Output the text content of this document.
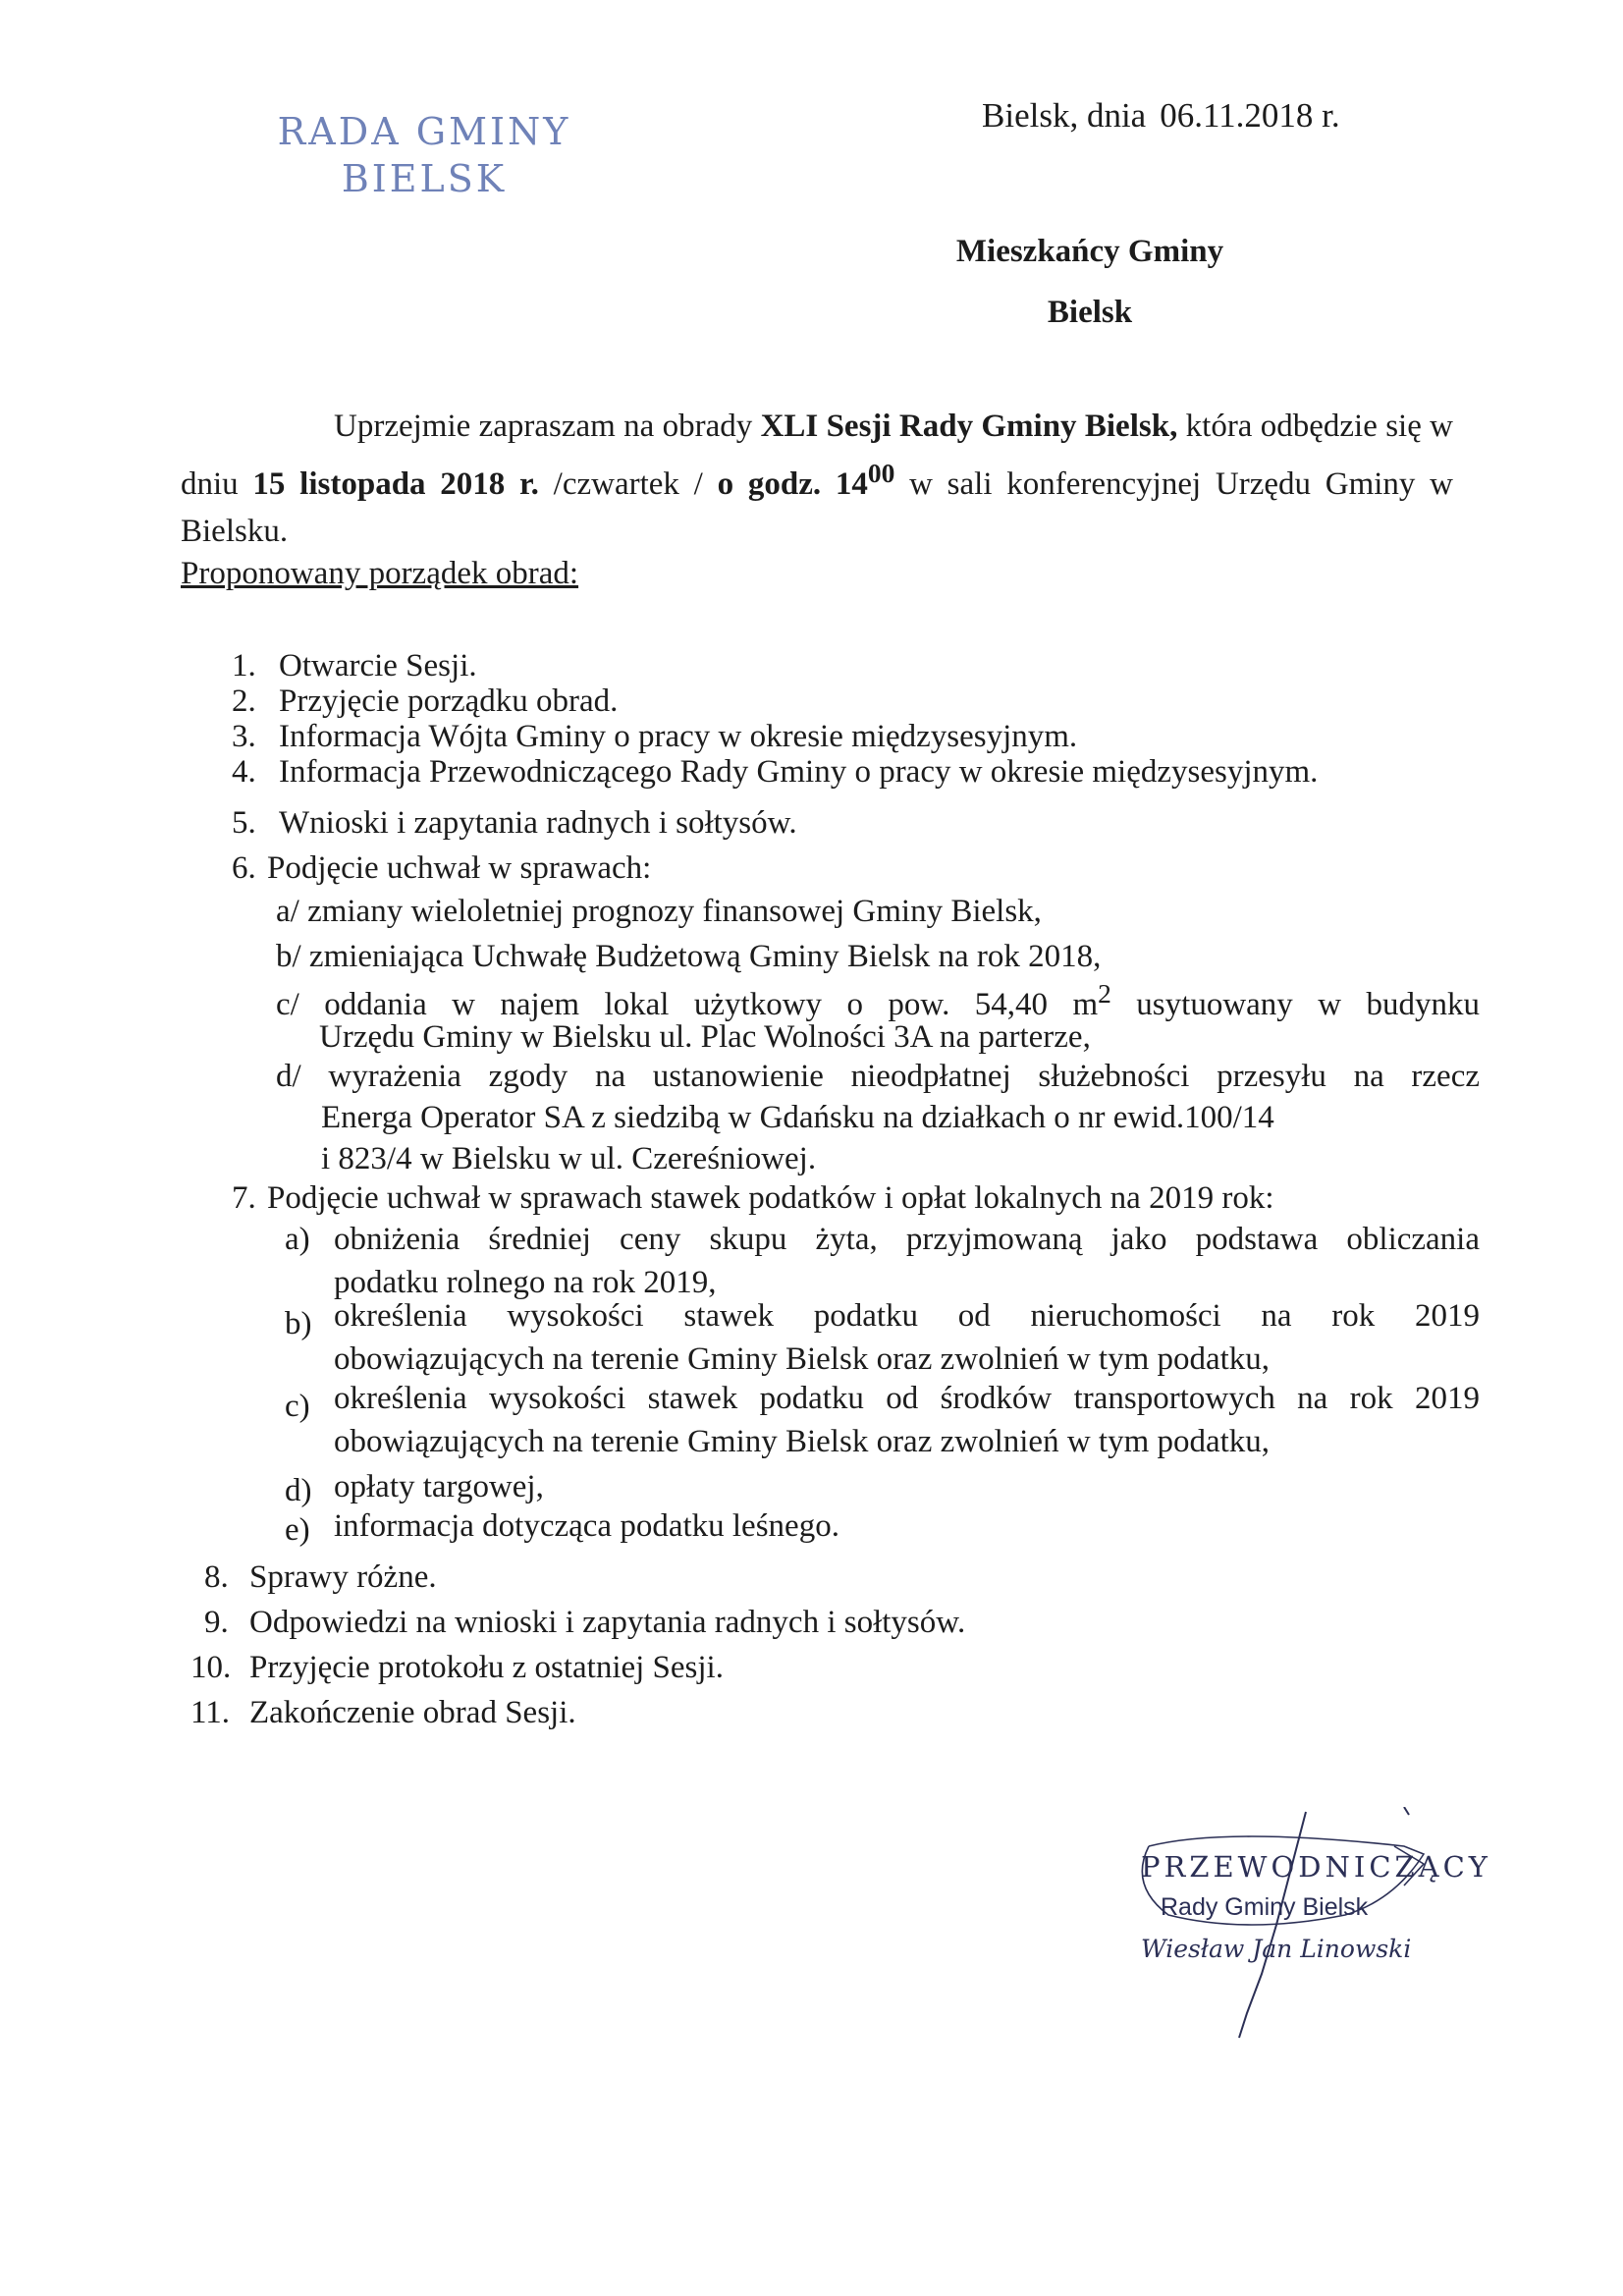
RADA GMINY
BIELSK
Bielsk, dnia 06.11.2018 r.
Mieszkańcy Gminy
Bielsk
Uprzejmie zapraszam na obrady XLI Sesji Rady Gminy Bielsk, która odbędzie się w dniu 15 listopada 2018 r. /czwartek / o godz. $14^{00}$ w sali konferencyjnej Urzędu Gminy w Bielsku.
Proponowany porządek obrad:
1. Otwarcie Sesji.
2. Przyjęcie porządku obrad.
3. Informacja Wójta Gminy o pracy w okresie międzysesyjnym.
4. Informacja Przewodniczącego Rady Gminy o pracy w okresie międzysesyjnym.
5. Wnioski i zapytania radnych i sołtysów.
6. Podjęcie uchwał w sprawach:
a/ zmiany wieloletniej prognozy finansowej Gminy Bielsk,
b/ zmieniająca Uchwałę Budżetową Gminy Bielsk na rok 2018,
c/ oddania w najem lokal użytkowy o pow. 54,40 $m^2$ usytuowany w budynku
Urzędu Gminy w Bielsku ul. Plac Wolności 3A na parterze,
d/ wyrażenia zgody na ustanowienie nieodpłatnej służebności przesyłu na rzecz
Energa Operator SA z siedzibą w Gdańsku na działkach o nr ewid.100/14
i 823/4 w Bielsku w ul. Czereśniowej.
7. Podjęcie uchwał w sprawach stawek podatków i opłat lokalnych na 2019 rok:
a) obniżenia średniej ceny skupu żyta, przyjmowaną jako podstawa obliczania
podatku rolnego na rok 2019,
b) określenia wysokości stawek podatku od nieruchomości na rok 2019
obowiązujących na terenie Gminy Bielsk oraz zwolnień w tym podatku,
c) określenia wysokości stawek podatku od środków transportowych na rok 2019
obowiązujących na terenie Gminy Bielsk oraz zwolnień w tym podatku,
d) opłaty targowej,
e) informacja dotycząca podatku leśnego.
8. Sprawy różne.
9. Odpowiedzi na wnioski i zapytania radnych i sołtysów.
10. Przyjęcie protokołu z ostatniej Sesji.
11. Zakończenie obrad Sesji.
PRZEWODNICZĄCY
Rady Gminy Bielsk
Wiesław Jan Linowski
